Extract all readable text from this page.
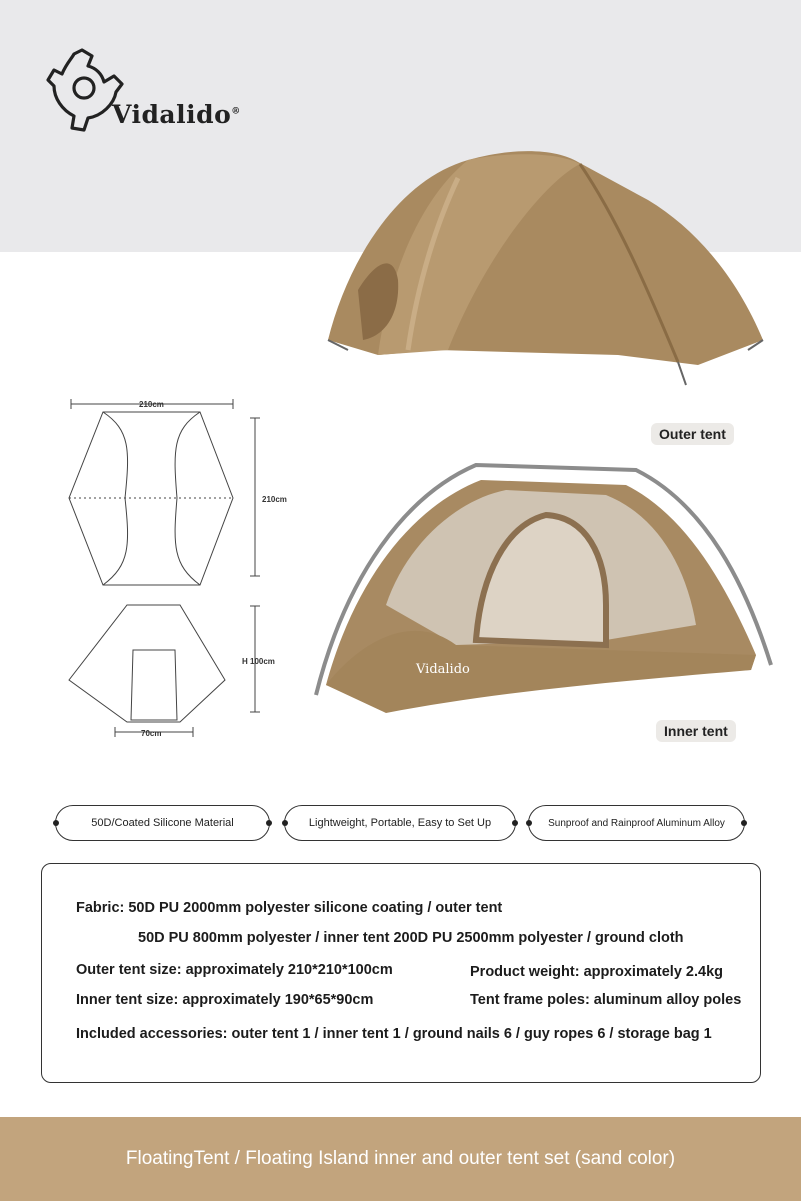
Vidalido®
Outer tent
Vidalido
Inner tent
210cm
210cm
H 100cm
70cm
50D/Coated Silicone Material	Lightweight, Portable, Easy to Set Up	Sunproof and Rainproof Aluminum Alloy
Fabric: 50D PU 2000mm polyester silicone coating / outer tent
50D PU 800mm polyester / inner tent 200D PU 2500mm polyester / ground cloth
Outer tent size: approximately 210*210*100cm	Product weight: approximately 2.4kg
Inner tent size: approximately 190*65*90cm	Tent frame poles: aluminum alloy poles
Included accessories: outer tent 1 / inner tent 1 / ground nails 6 / guy ropes 6 / storage bag 1
FloatingTent / Floating Island inner and outer tent set (sand color)
